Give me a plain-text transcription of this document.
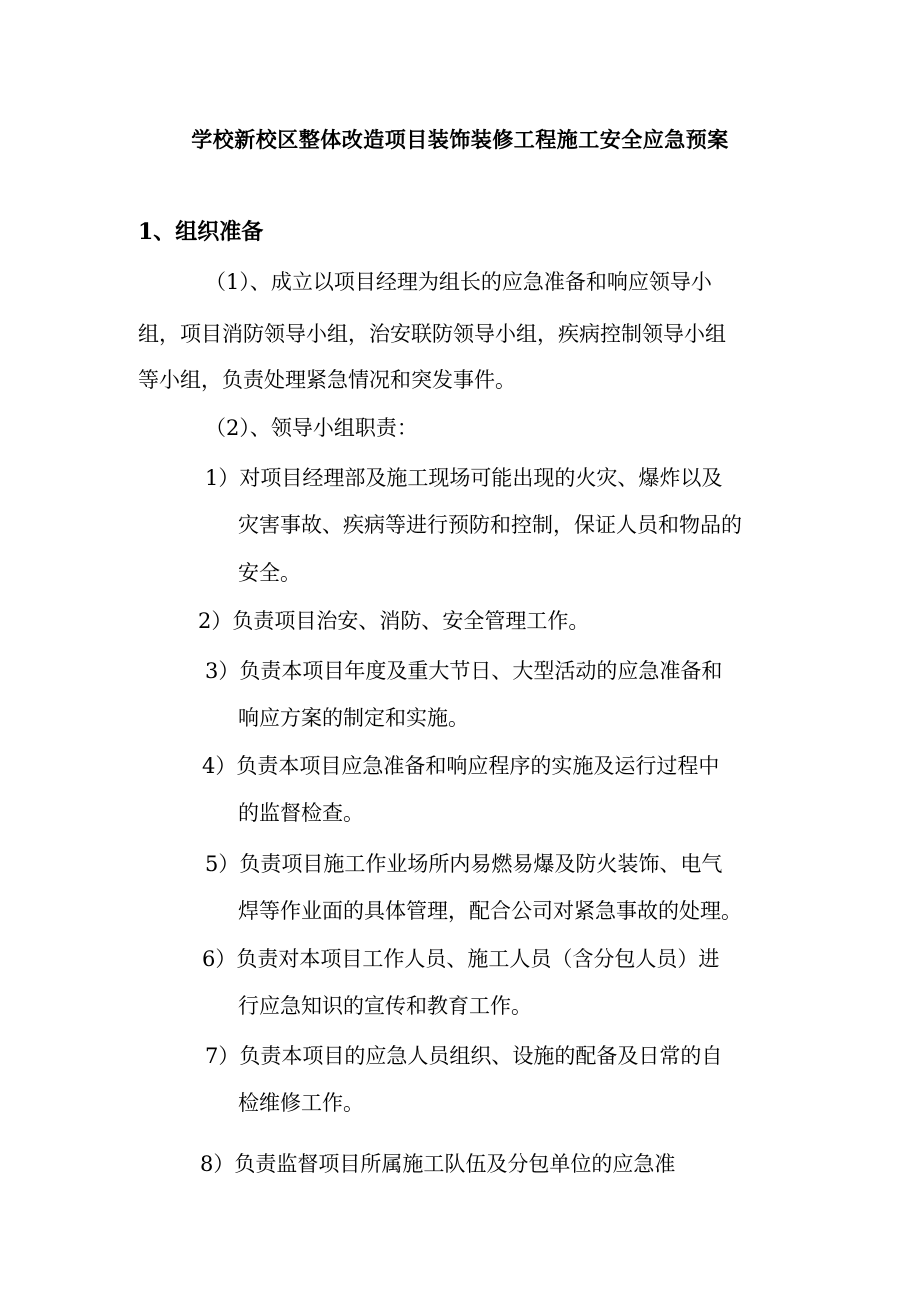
学校新校区整体改造项目装饰装修工程施工安全应急预案
1、组织准备
（1）、成立以项目经理为组长的应急准备和响应领导小
组，项目消防领导小组，治安联防领导小组，疾病控制领导小组
等小组，负责处理紧急情况和突发事件。
（2）、领导小组职责：
1）对项目经理部及施工现场可能出现的火灾、爆炸以及
灾害事故、疾病等进行预防和控制，保证人员和物品的
安全。
2）负责项目治安、消防、安全管理工作。
3）负责本项目年度及重大节日、大型活动的应急准备和
响应方案的制定和实施。
4）负责本项目应急准备和响应程序的实施及运行过程中
的监督检查。
5）负责项目施工作业场所内易燃易爆及防火装饰、电气
焊等作业面的具体管理，配合公司对紧急事故的处理。
6）负责对本项目工作人员、施工人员（含分包人员）进
行应急知识的宣传和教育工作。
7）负责本项目的应急人员组织、设施的配备及日常的自
检维修工作。
8）负责监督项目所属施工队伍及分包单位的应急准
